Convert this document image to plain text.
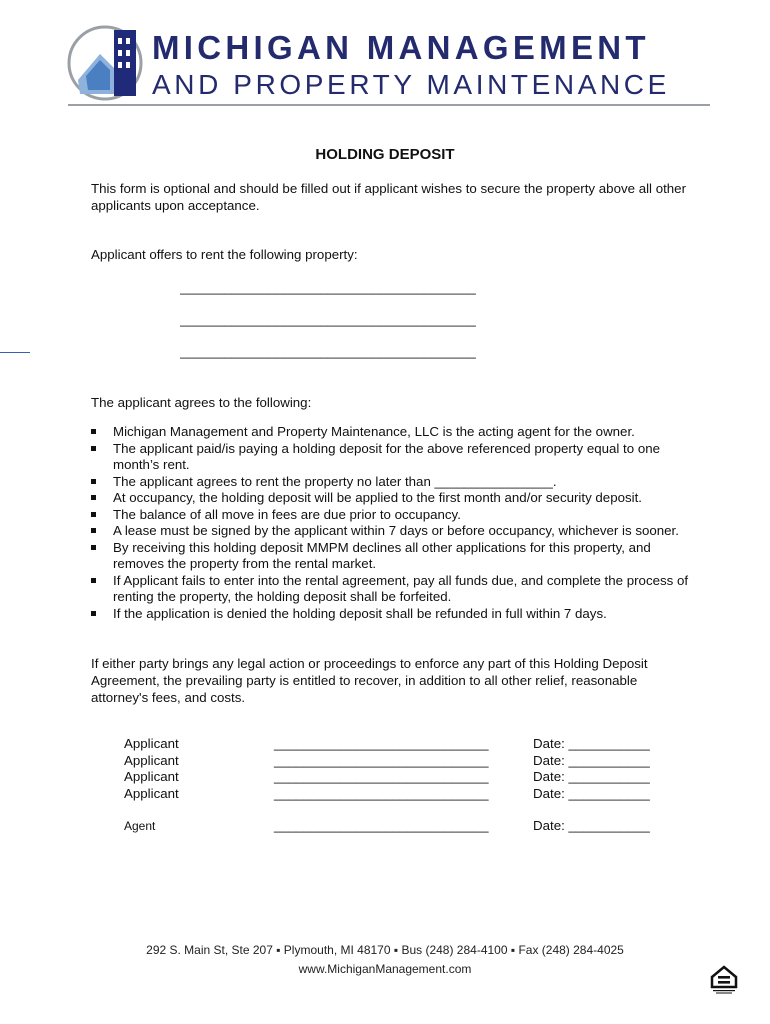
MICHIGAN MANAGEMENT
AND PROPERTY MAINTENANCE
HOLDING DEPOSIT
This form is optional and should be filled out if applicant wishes to secure the property above all other applicants upon acceptance.
Applicant offers to rent the following property:
________________________________________
________________________________________
________________________________________
The applicant agrees to the following:
Michigan Management and Property Maintenance, LLC is the acting agent for the owner.
The applicant paid/is paying a holding deposit for the above referenced property equal to one month’s rent.
The applicant agrees to rent the property no later than ________________.
At occupancy, the holding deposit will be applied to the first month and/or security deposit.
The balance of all move in fees are due prior to occupancy.
A lease must be signed by the applicant within 7 days or before occupancy, whichever is sooner.
By receiving this holding deposit MMPM declines all other applications for this property, and removes the property from the rental market.
If Applicant fails to enter into the rental agreement, pay all funds due, and complete the process of renting the property, the holding deposit shall be forfeited.
If the application is denied the holding deposit shall be refunded in full within 7 days.
If either party brings any legal action or proceedings to enforce any part of this Holding Deposit Agreement, the prevailing party is entitled to recover, in addition to all other relief, reasonable attorney's fees, and costs.
Applicant	_____________________________	Date: ___________
Applicant	_____________________________	Date: ___________
Applicant	_____________________________	Date: ___________
Applicant	_____________________________	Date: ___________
Agent	_____________________________	Date: ___________
292 S. Main St, Ste 207 ▪ Plymouth, MI 48170 ▪ Bus (248) 284-4100 ▪ Fax (248) 284-4025
www.MichiganManagement.com
